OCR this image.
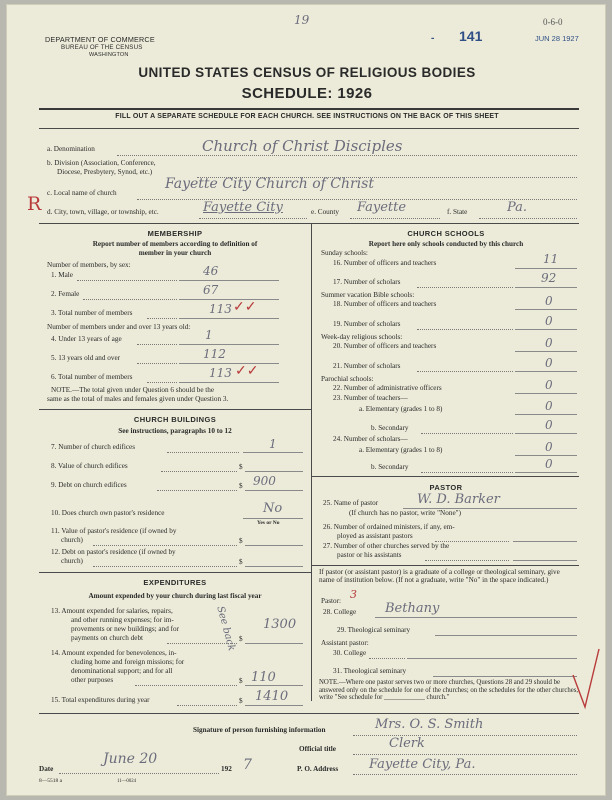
19
- 141
0-6-0
JUN 28 1927
DEPARTMENT OF COMMERCE
BUREAU OF THE CENSUS
WASHINGTON
UNITED STATES CENSUS OF RELIGIOUS BODIES
SCHEDULE: 1926
FILL OUT A SEPARATE SCHEDULE FOR EACH CHURCH. SEE INSTRUCTIONS ON THE BACK OF THIS SHEET
a. Denomination	Church of Christ Disciples
b. Division (Association, Conference,
Diocese, Presbytery, Synod, etc.)
c. Local name of church
Fayette City Church of Christ
R d. City, town, village, or township, etc.	Fayette City	e. County Fayette	f. State	Pa.
MEMBERSHIP
Report number of members according to definition of
member in your church
Number of members, by sex:
1. Male	46
2. Female	67
3. Total number of members	113 ✓✓
Number of members under and over 13 years old:
4. Under 13 years of age	1
5. 13 years old and over	112
6. Total number of members	113 ✓✓
NOTE.—The total given under Question 6 should be the
same as the total of males and females given under Question 3.
CHURCH BUILDINGS
See instructions, paragraphs 10 to 12
7. Number of church edifices	1
8. Value of church edifices	$
9. Debt on church edifices	$ 900
10. Does church own pastor's residence	No
Yes or No
11. Value of pastor's residence (if owned by
church)	$
12. Debt on pastor's residence (if owned by
church)	$
EXPENDITURES
Amount expended by your church during last fiscal year
13. Amount expended for salaries, repairs,
and other running expenses; for im-
provements or new buildings; and for
payments on church debt	$
1300
See back
14. Amount expended for benevolences, in-
cluding home and foreign missions; for
denominational support; and for all
other purposes	$ 110
15. Total expenditures during year	$ 1410
CHURCH SCHOOLS
Report here only schools conducted by this church
Sunday schools:
16. Number of officers and teachers	11
17. Number of scholars	92
Summer vacation Bible schools:
18. Number of officers and teachers	0
19. Number of scholars	0
Week-day religious schools:
20. Number of officers and teachers	0
21. Number of scholars	0
Parochial schools:
22. Number of administrative officers	0
23. Number of teachers—
a. Elementary (grades 1 to 8)	0
b. Secondary	0
24. Number of scholars—
a. Elementary (grades 1 to 8)	0
b. Secondary	0
PASTOR
25. Name of pastor	W. D. Barker
(If church has no pastor, write "None")
26. Number of ordained ministers, if any, em-
ployed as assistant pastors
27. Number of other churches served by the
pastor or his assistants
If pastor (or assistant pastor) is a graduate of a college or theological seminary, give name of institution below. (If not a graduate, write "No" in the space indicated.)
Pastor: 3
28. College Bethany
29. Theological seminary
Assistant pastor:
30. College
31. Theological seminary
NOTE.—Where one pastor serves two or more churches, Questions 28 and 29 should be answered only on the schedule for one of the churches; on the schedules for the other churches, write "See schedule for ____________ church."
Signature of person furnishing information	Mrs. O. S. Smith
Official title	Clerk
Date
June 20
192 7	P. O. Address Fayette City, Pa.
8—5518 a	11—0024
